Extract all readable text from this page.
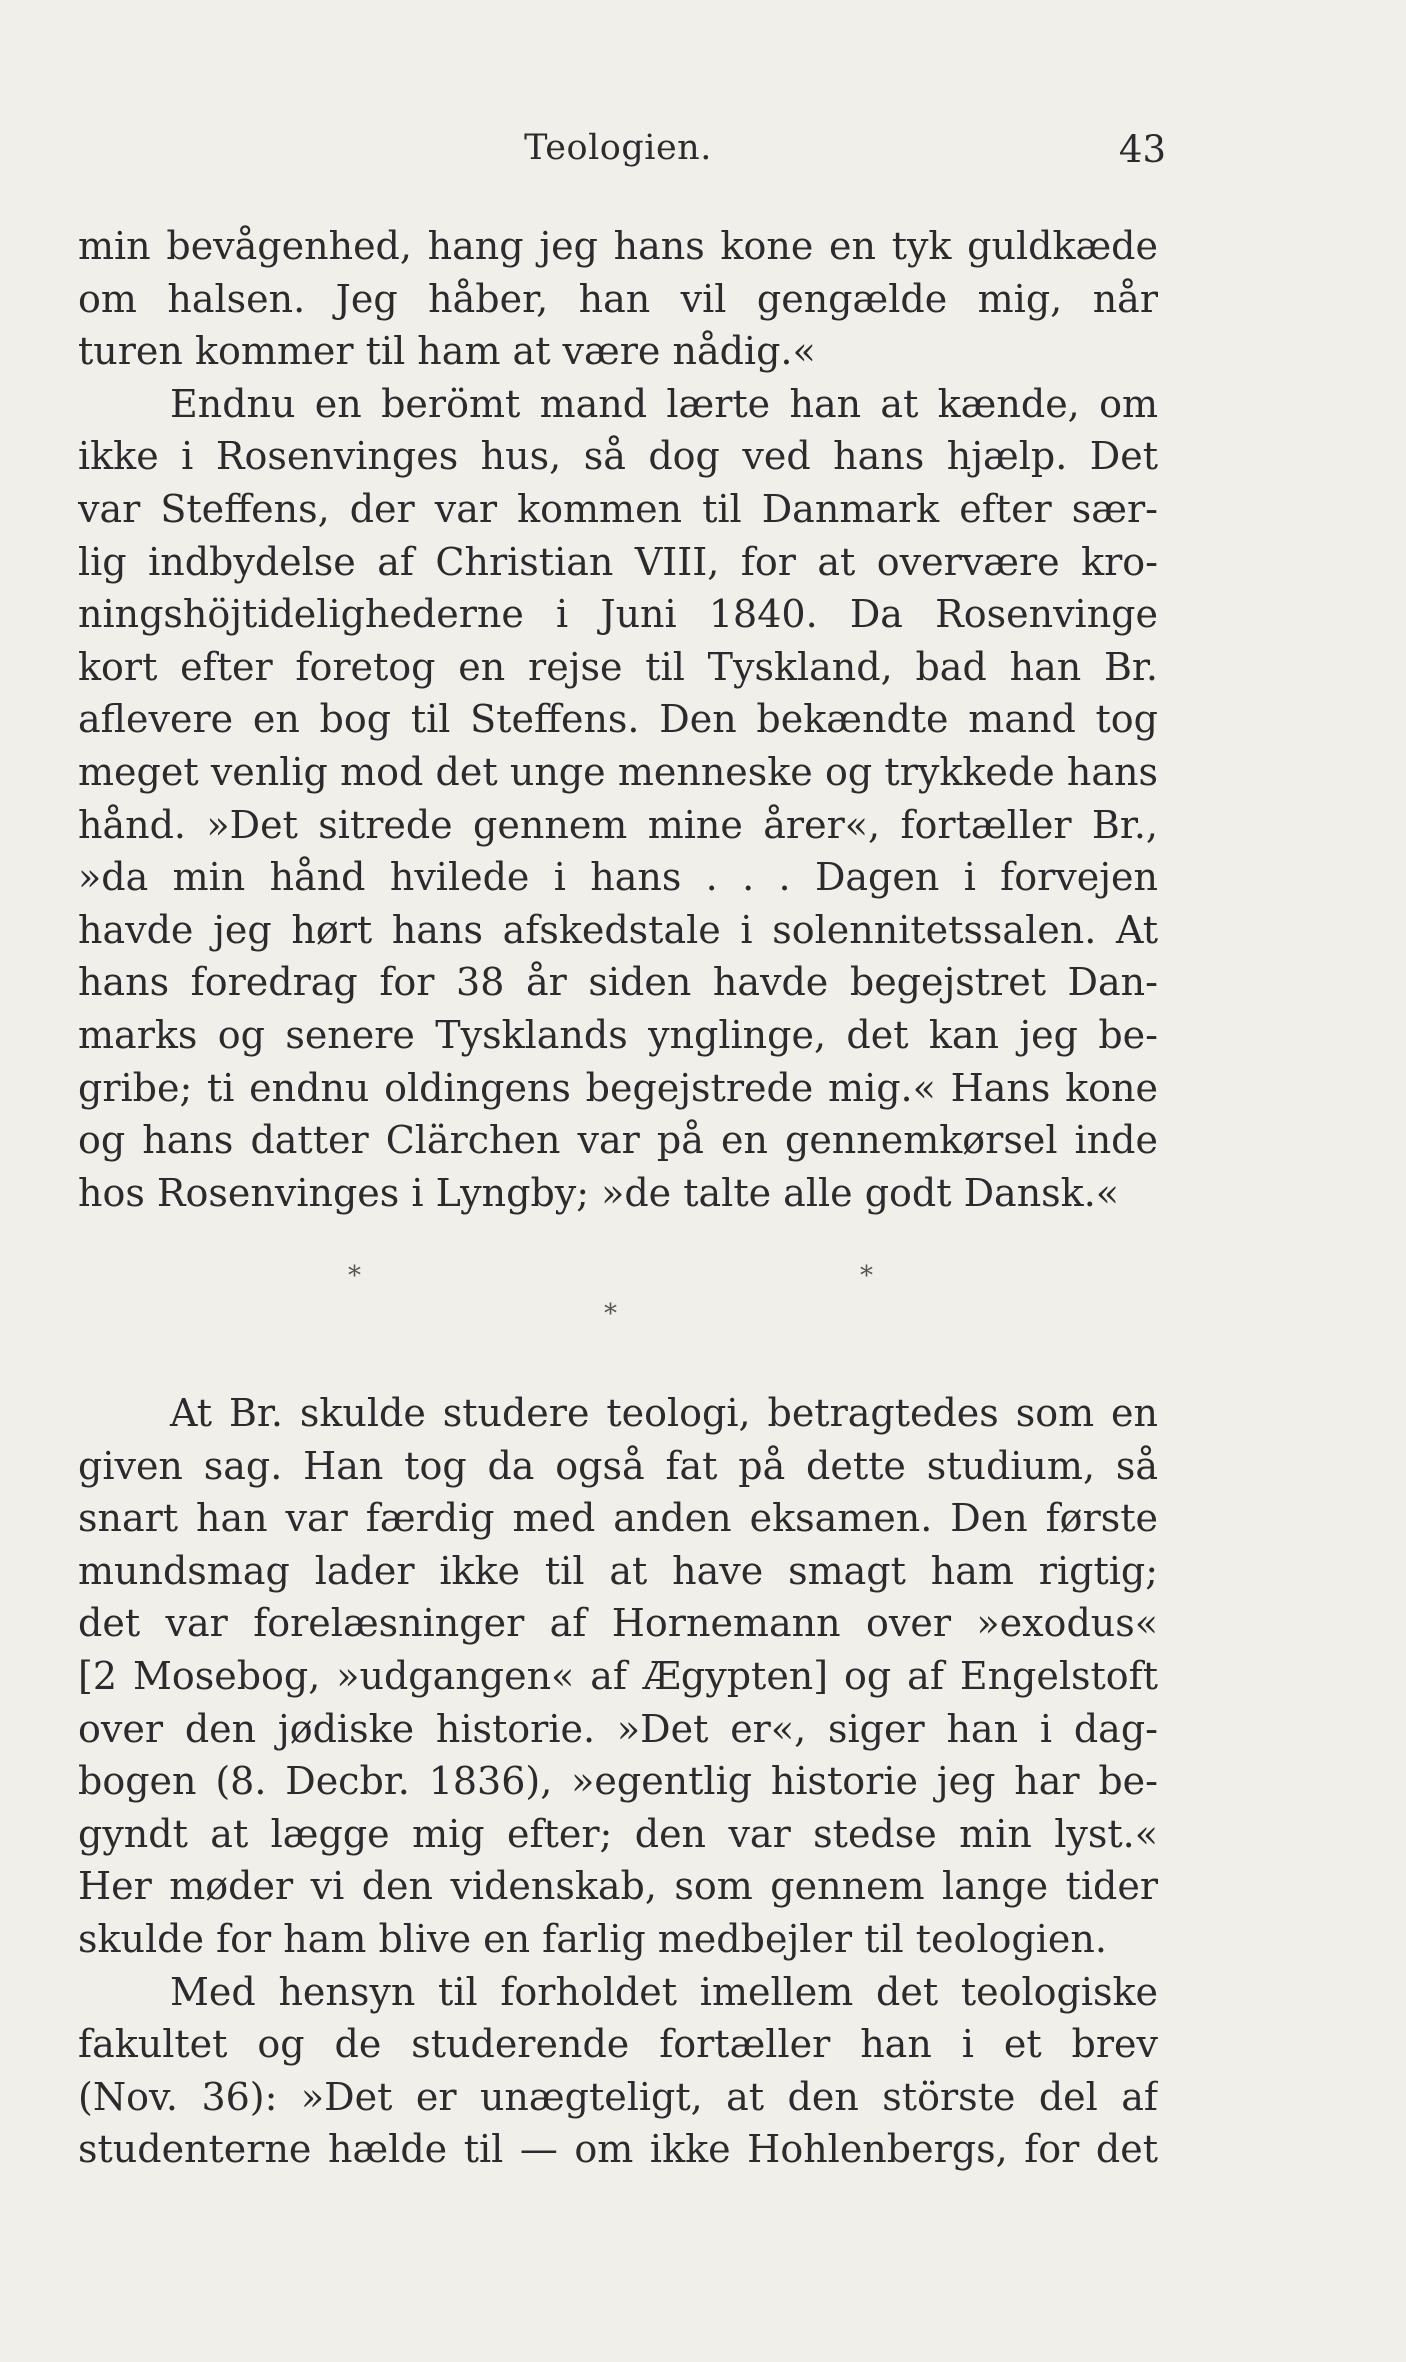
Teologien.	43
min bevågenhed, hang jeg hans kone en tyk guldkæde
om halsen. Jeg håber, han vil gengælde mig, når
turen kommer til ham at være nådig.«
Endnu en berömt mand lærte han at kænde, om
ikke i Rosenvinges hus, så dog ved hans hjælp. Det
var Steffens, der var kommen til Danmark efter sær-
lig indbydelse af Christian VIII, for at overvære kro-
ningshöjtidelighederne i Juni 1840. Da Rosenvinge
kort efter foretog en rejse til Tyskland, bad han Br.
aflevere en bog til Steffens. Den bekændte mand tog
meget venlig mod det unge menneske og trykkede hans
hånd. »Det sitrede gennem mine årer«, fortæller Br.,
»da min hånd hvilede i hans . . . Dagen i forvejen
havde jeg hørt hans afskedstale i solennitetssalen. At
hans foredrag for 38 år siden havde begejstret Dan-
marks og senere Tysklands ynglinge, det kan jeg be-
gribe; ti endnu oldingens begejstrede mig.« Hans kone
og hans datter Clärchen var på en gennemkørsel inde
hos Rosenvinges i Lyngby; »de talte alle godt Dansk.«
*
*
*
At Br. skulde studere teologi, betragtedes som en
given sag. Han tog da også fat på dette studium, så
snart han var færdig med anden eksamen. Den første
mundsmag lader ikke til at have smagt ham rigtig;
det var forelæsninger af Hornemann over »exodus«
[2 Mosebog, »udgangen« af Ægypten] og af Engelstoft
over den jødiske historie. »Det er«, siger han i dag-
bogen (8. Decbr. 1836), »egentlig historie jeg har be-
gyndt at lægge mig efter; den var stedse min lyst.«
Her møder vi den videnskab, som gennem lange tider
skulde for ham blive en farlig medbejler til teologien.
Med hensyn til forholdet imellem det teologiske
fakultet og de studerende fortæller han i et brev
(Nov. 36): »Det er unægteligt, at den störste del af
studenterne hælde til — om ikke Hohlenbergs, for det
